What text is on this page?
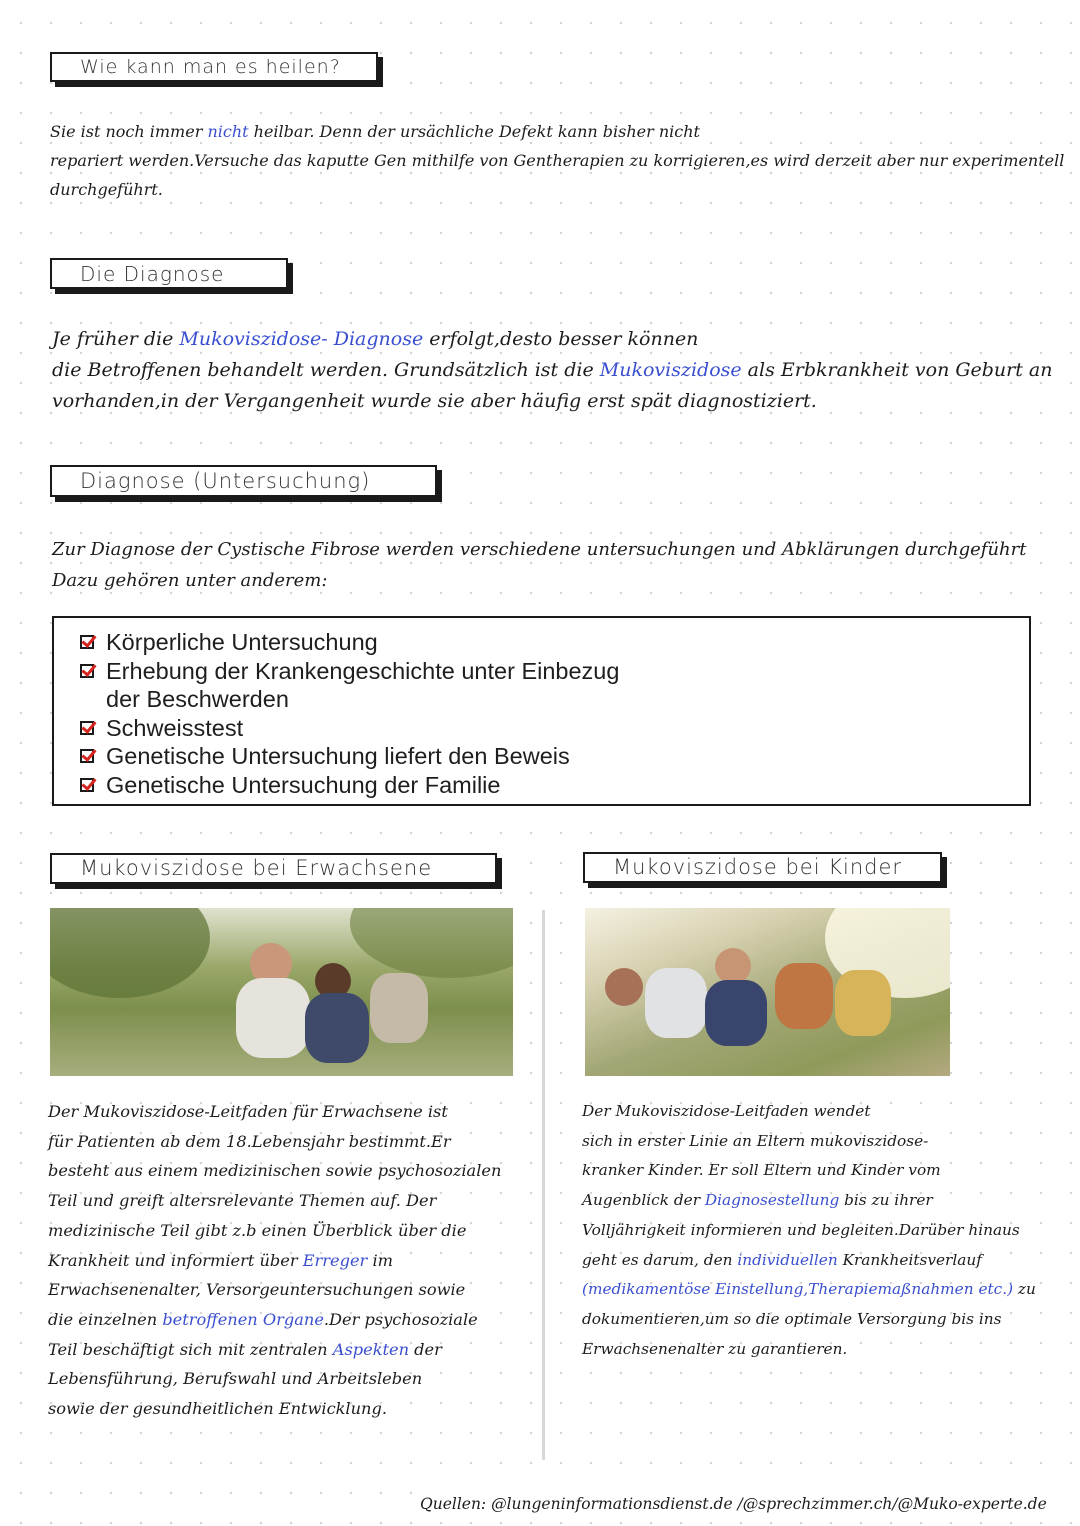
Wie kann man es heilen?
Sie ist noch immer nicht heilbar. Denn der ursächliche Defekt kann bisher nicht
repariert werden.Versuche das kaputte Gen mithilfe von Gentherapien zu korrigieren,es wird derzeit aber nur experimentell
durchgeführt.
Die Diagnose
Je früher die Mukoviszidose- Diagnose erfolgt,desto besser können
die Betroffenen behandelt werden. Grundsätzlich ist die Mukoviszidose als Erbkrankheit von Geburt an
vorhanden,in der Vergangenheit wurde sie aber häufig erst spät diagnostiziert.
Diagnose (Untersuchung)
Zur Diagnose der Cystische Fibrose werden verschiedene untersuchungen und Abklärungen durchgeführt
Dazu gehören unter anderem:
Körperliche Untersuchung
Erhebung der Krankengeschichte unter Einbezug
der Beschwerden
Schweisstest
Genetische Untersuchung liefert den Beweis
Genetische Untersuchung der Familie
Mukoviszidose bei Erwachsene
Der Mukoviszidose-Leitfaden für Erwachsene ist
für Patienten ab dem 18.Lebensjahr bestimmt.Er
besteht aus einem medizinischen sowie psychosozialen
Teil und greift altersrelevante Themen auf. Der
medizinische Teil gibt z.b einen Überblick über die
Krankheit und informiert über Erreger im
Erwachsenenalter, Versorgeuntersuchungen sowie
die einzelnen betroffenen Organe.Der psychosoziale
Teil beschäftigt sich mit zentralen Aspekten der
Lebensführung, Berufswahl und Arbeitsleben
sowie der gesundheitlichen Entwicklung.
Mukoviszidose bei Kinder
Der Mukoviszidose-Leitfaden wendet
sich in erster Linie an Eltern mukoviszidose-
kranker Kinder. Er soll Eltern und Kinder vom
Augenblick der Diagnosestellung bis zu ihrer
Volljährigkeit informieren und begleiten.Darüber hinaus
geht es darum, den individuellen Krankheitsverlauf
(medikamentöse Einstellung,Therapiemaßnahmen etc.) zu
dokumentieren,um so die optimale Versorgung bis ins
Erwachsenenalter zu garantieren.
Quellen: @lungeninformationsdienst.de /@sprechzimmer.ch/@Muko-experte.de
